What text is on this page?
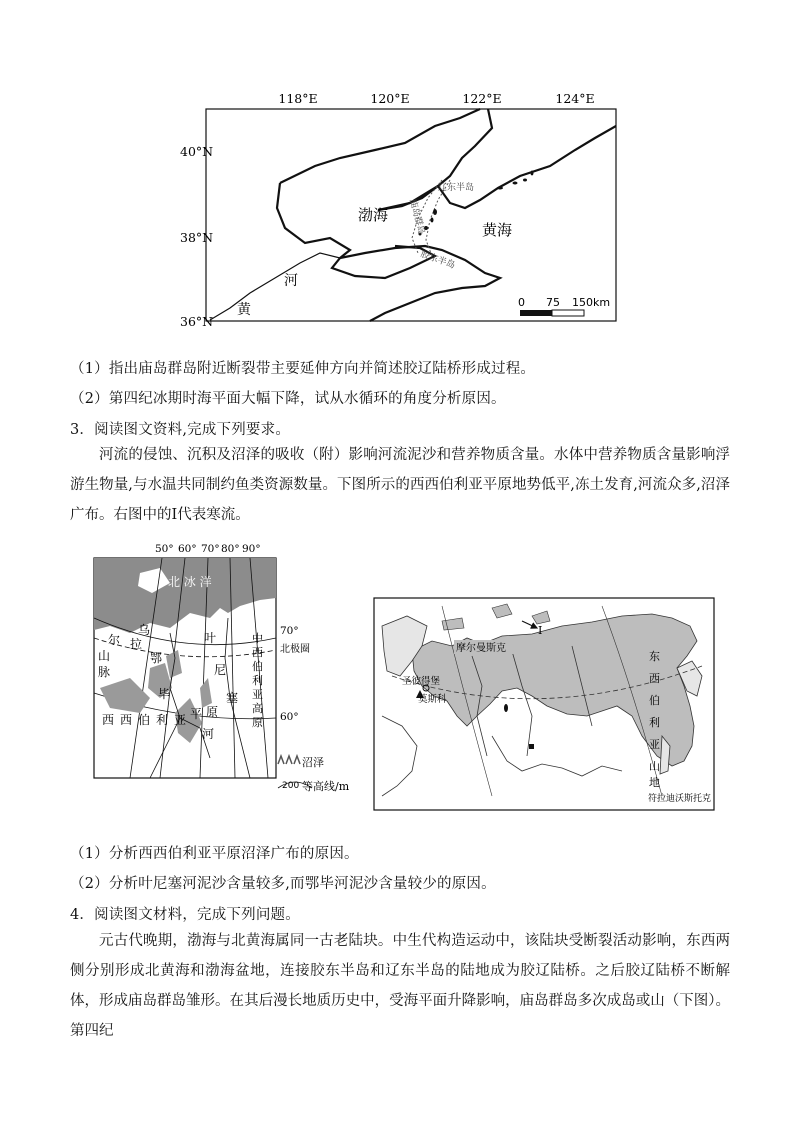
118°E	120°E	122°E	124°E
40°N
38°N
36°N
渤海
黄海
辽东半岛
庙岛群岛
胶东半岛
河
黄	0 75 150km
（1）指出庙岛群岛附近断裂带主要延伸方向并简述胶辽陆桥形成过程。
（2）第四纪冰期时海平面大幅下降，试从水循环的角度分析原因。
3．阅读图文资料,完成下列要求。
河流的侵蚀、沉积及沼泽的吸收（附）影响河流泥沙和营养物质含量。水体中营养物质含量影响浮游生物量,与水温共同制约鱼类资源数量。下图所示的西西伯利亚平原地势低平,冻土发育,河流众多,沼泽广布。右图中的Ⅰ代表寒流。
50° 60° 70° 80° 90°
乌
拉
尔
山
脉
鄂
毕
叶
尼
塞
河
西 西 伯 利 亚 平 原
中
西
伯
利
亚
高
原
北 冰 洋
70°
60°
北极圈
沼泽
200 等高线/m
Ⅰ
摩尔曼斯克
圣彼得堡
莫斯科
东
西
伯
利
亚
山
地
符拉迪沃斯托克
（1）分析西西伯利亚平原沼泽广布的原因。
（2）分析叶尼塞河泥沙含量较多,而鄂毕河泥沙含量较少的原因。
4．阅读图文材料，完成下列问题。
元古代晚期，渤海与北黄海属同一古老陆块。中生代构造运动中，该陆块受断裂活动影响，东西两侧分别形成北黄海和渤海盆地，连接胶东半岛和辽东半岛的陆地成为胶辽陆桥。之后胶辽陆桥不断解体，形成庙岛群岛雏形。在其后漫长地质历史中，受海平面升降影响，庙岛群岛多次成岛或山（下图）。第四纪
